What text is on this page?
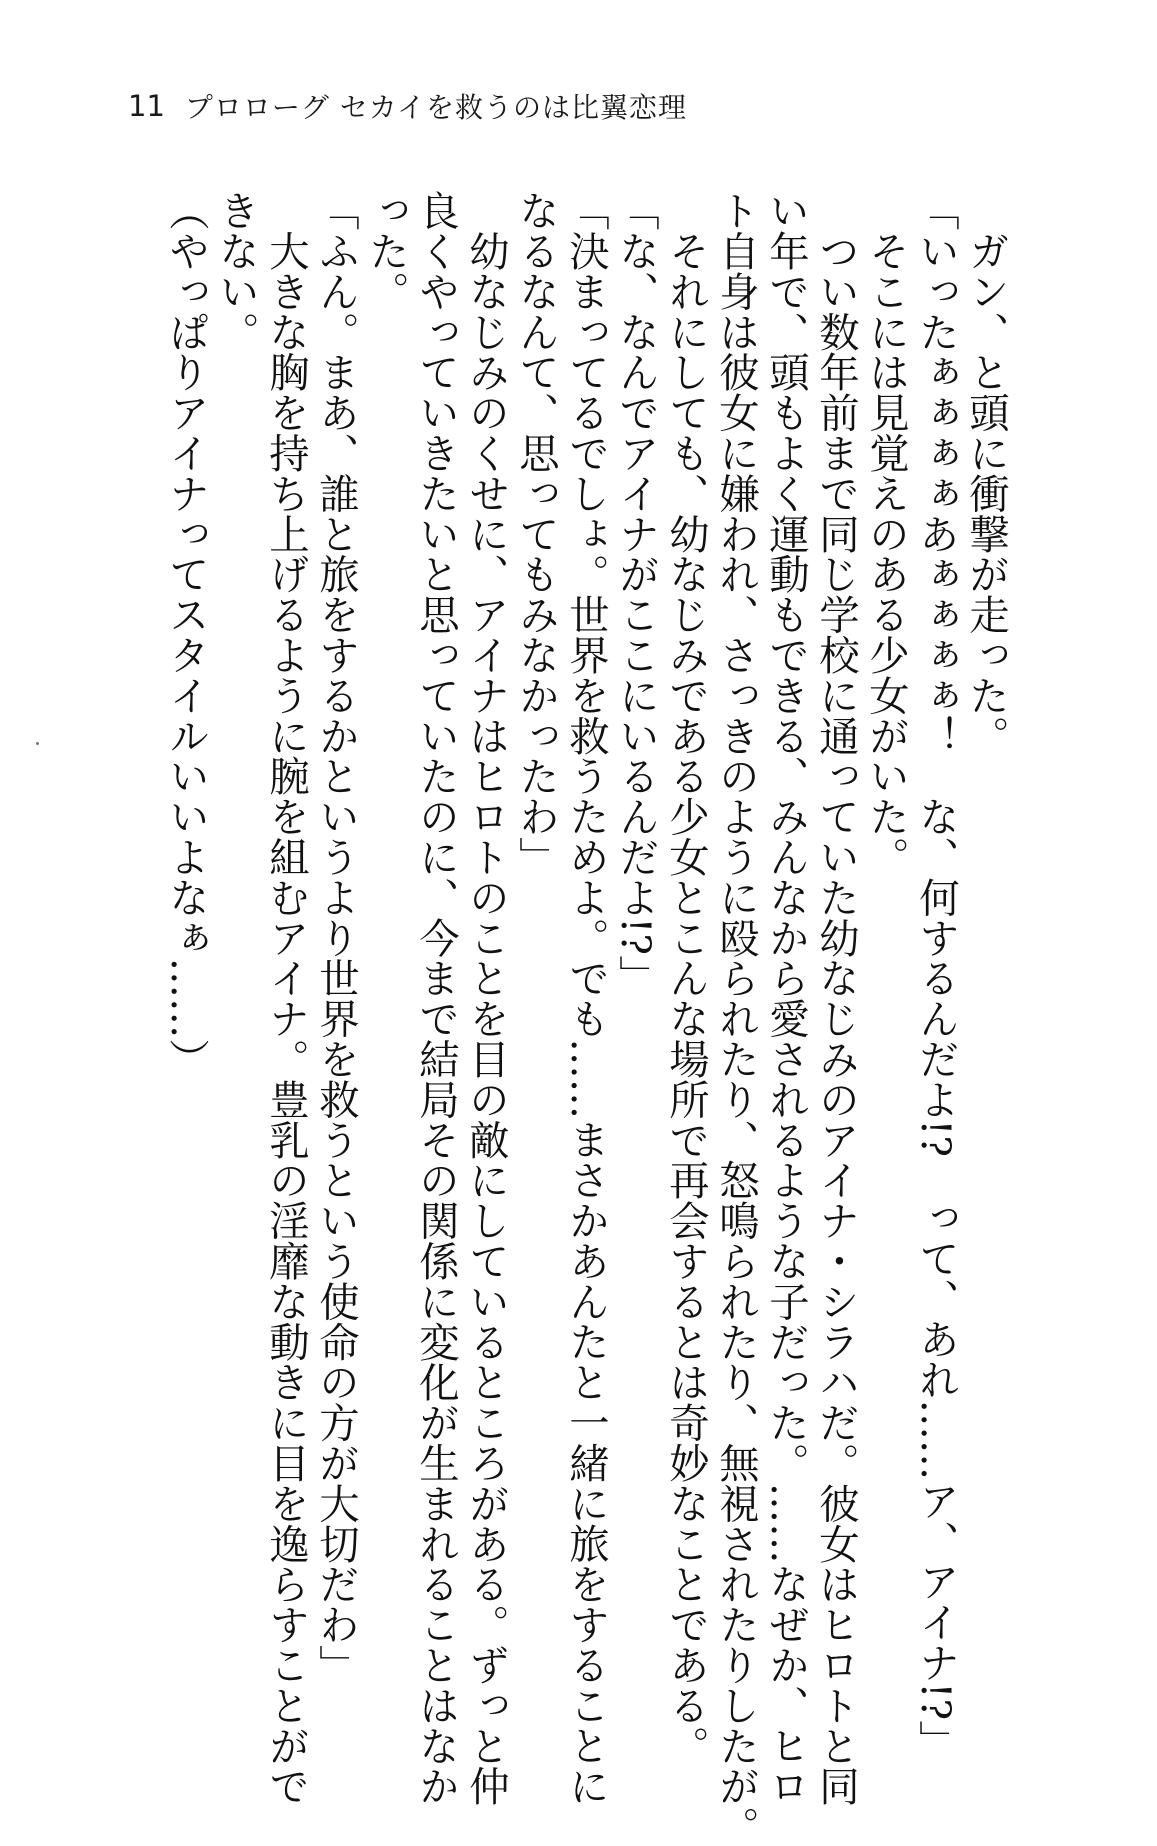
11 プロローグ セカイを救うのは比翼恋理
　ガン、と頭に衝撃が走った。
「いったぁぁぁぁあぁぁぁぁ！　な、何するんだよ!?　って、あれ……ア、アイナ!?」
　そこには見覚えのある少女がいた。
　つい数年前まで同じ学校に通っていた幼なじみのアイナ・シラハだ。彼女はヒロトと同
い年で、頭もよく運動もできる、みんなから愛されるような子だった。……なぜか、ヒロ
ト自身は彼女に嫌われ、さっきのように殴られたり、怒鳴られたり、無視されたりしたが。
　それにしても、幼なじみである少女とこんな場所で再会するとは奇妙なことである。
「な、なんでアイナがここにいるんだよ!?」
「決まってるでしょ。世界を救うためよ。でも……まさかあんたと一緒に旅をすることに
なるなんて、思ってもみなかったわ」
　幼なじみのくせに、アイナはヒロトのことを目の敵にしているところがある。ずっと仲
良くやっていきたいと思っていたのに、今まで結局その関係に変化が生まれることはなか
った。
「ふん。まあ、誰と旅をするかというより世界を救うという使命の方が大切だわ」
　大きな胸を持ち上げるように腕を組むアイナ。豊乳の淫靡な動きに目を逸らすことがで
きない。
（やっぱりアイナってスタイルいいよなぁ……）
